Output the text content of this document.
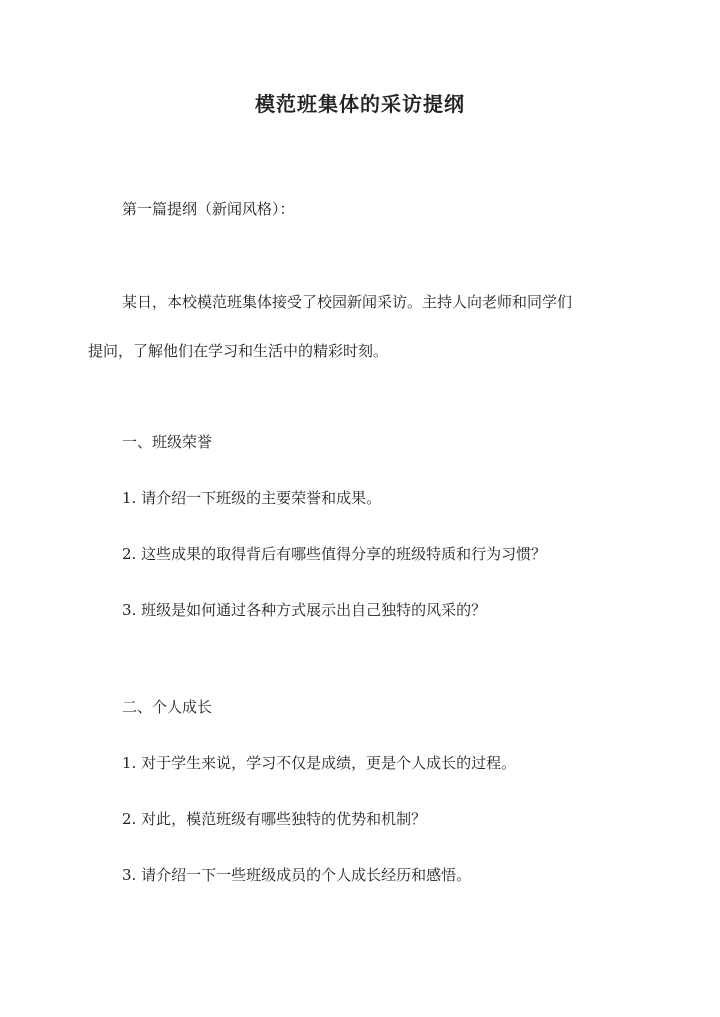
模范班集体的采访提纲

第一篇提纲（新闻风格）：

某日，本校模范班集体接受了校园新闻采访。主持人向老师和同学们

提问，了解他们在学习和生活中的精彩时刻。

一、班级荣誉

1. 请介绍一下班级的主要荣誉和成果。

2. 这些成果的取得背后有哪些值得分享的班级特质和行为习惯？

3. 班级是如何通过各种方式展示出自己独特的风采的？

二、个人成长

1. 对于学生来说，学习不仅是成绩，更是个人成长的过程。

2. 对此，模范班级有哪些独特的优势和机制？

3. 请介绍一下一些班级成员的个人成长经历和感悟。
